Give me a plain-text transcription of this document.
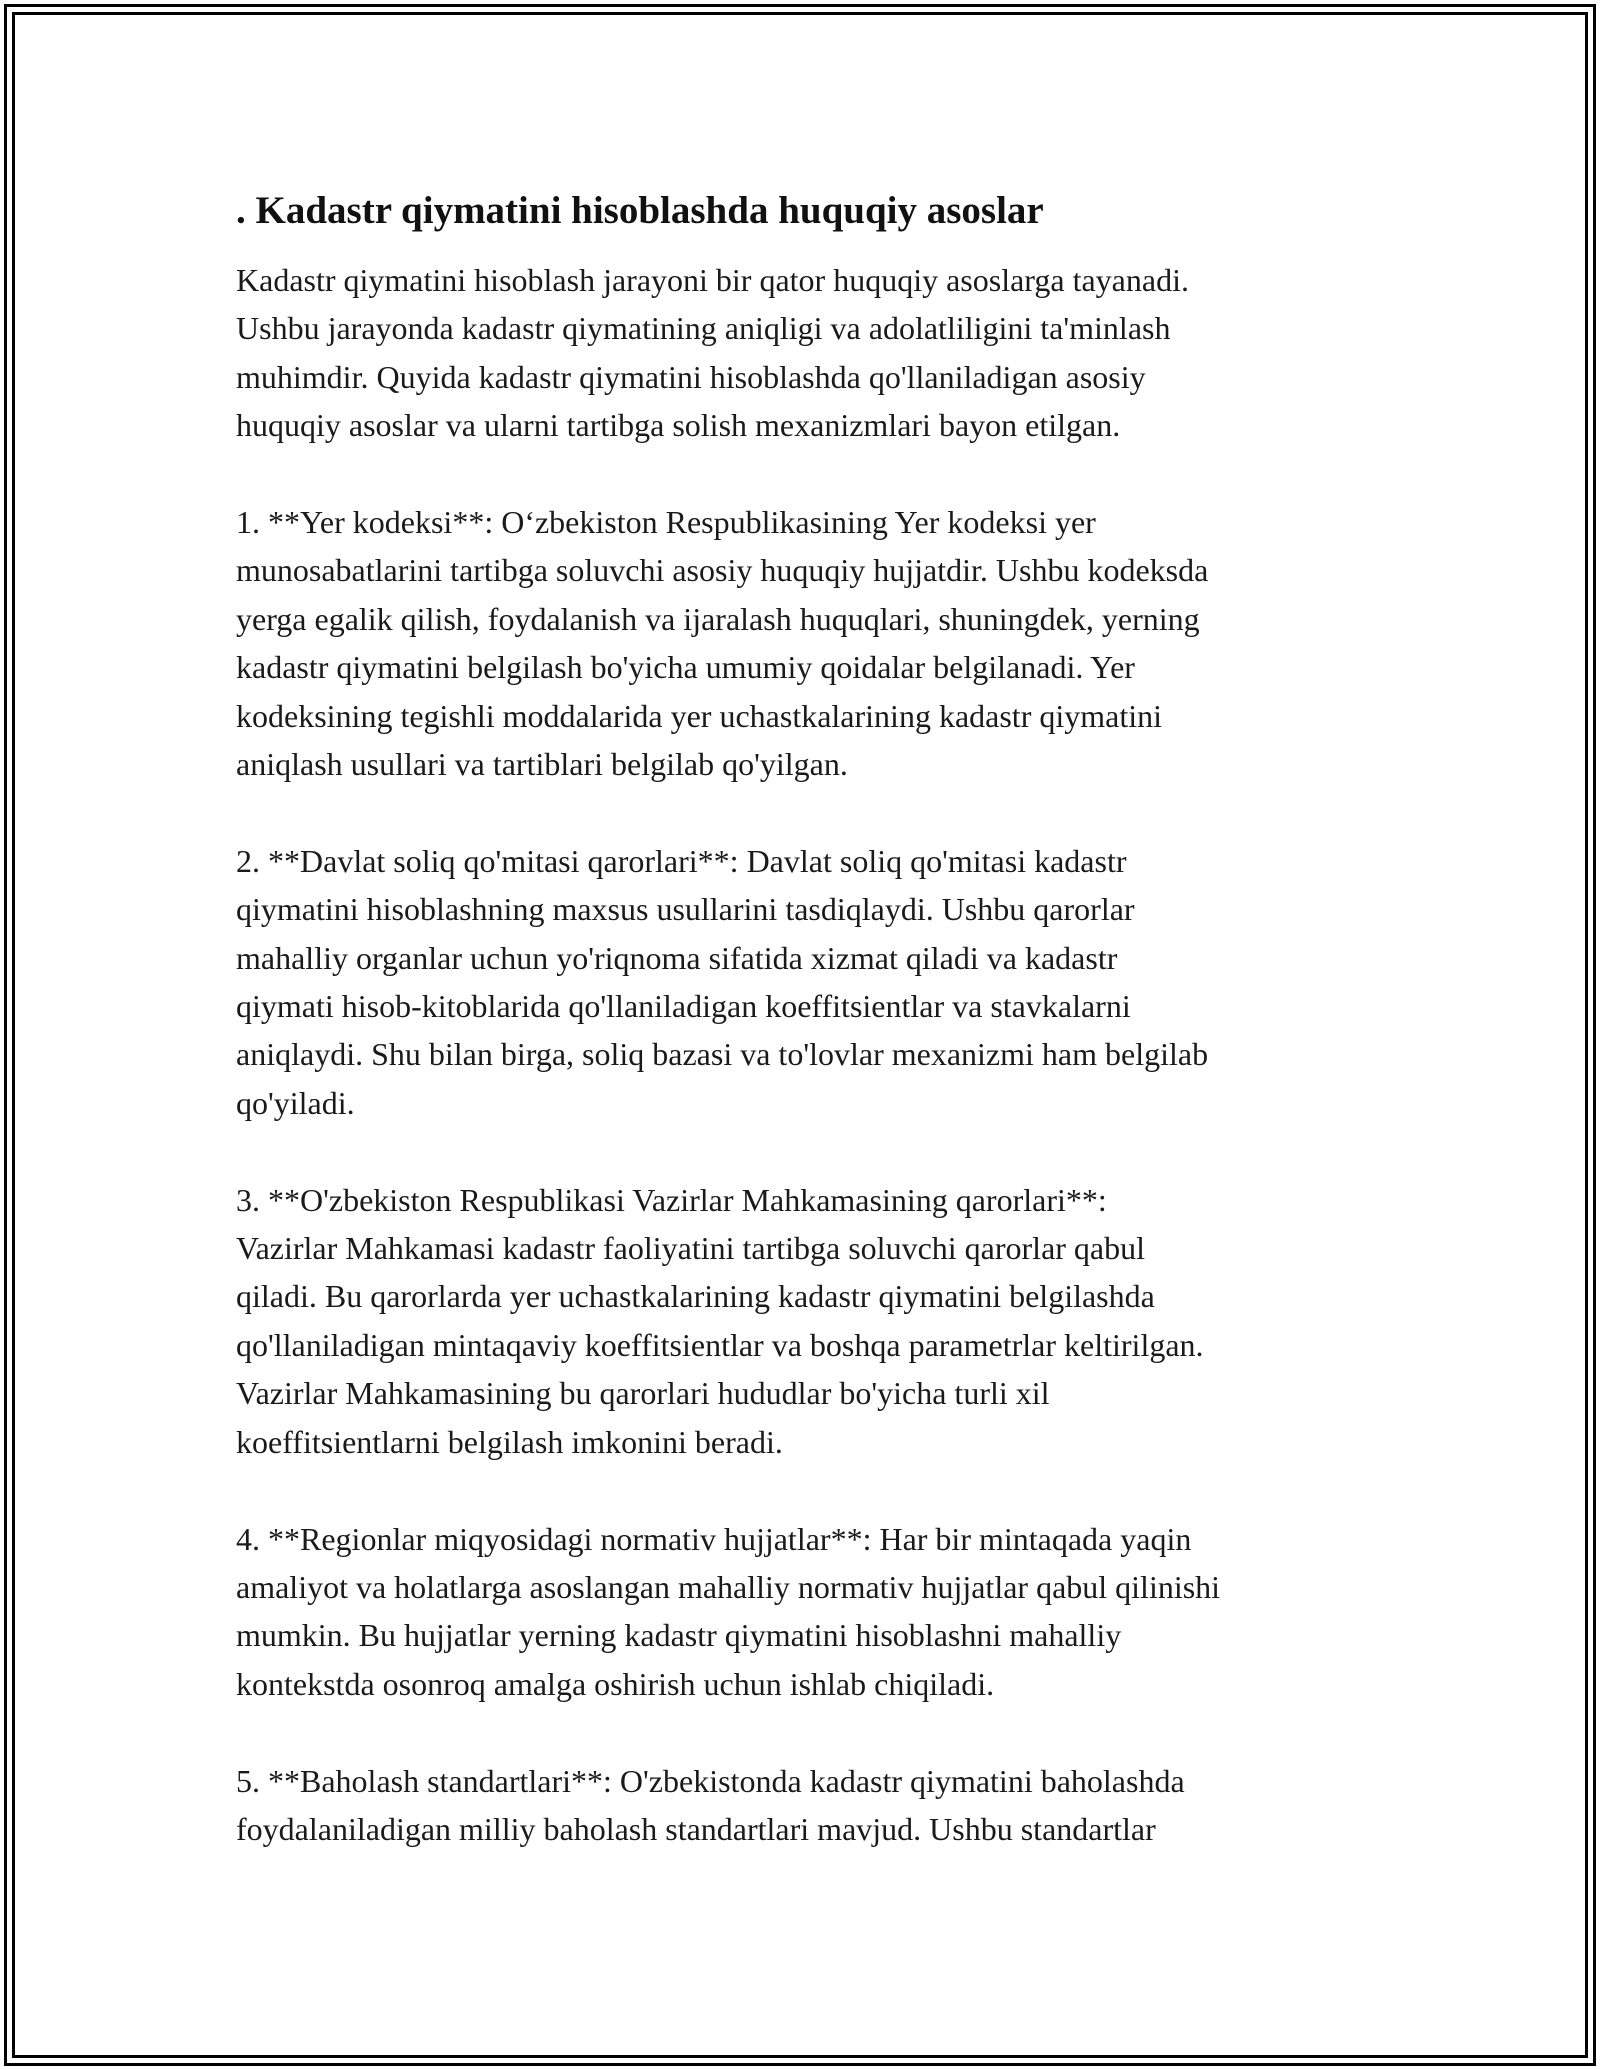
. Kadastr qiymatini hisoblashda huquqiy asoslar

Kadastr qiymatini hisoblash jarayoni bir qator huquqiy asoslarga tayanadi.
Ushbu jarayonda kadastr qiymatining aniqligi va adolatliligini ta'minlash
muhimdir. Quyida kadastr qiymatini hisoblashda qo'llaniladigan asosiy
huquqiy asoslar va ularni tartibga solish mexanizmlari bayon etilgan.

1. **Yer kodeksi**: O‘zbekiston Respublikasining Yer kodeksi yer
munosabatlarini tartibga soluvchi asosiy huquqiy hujjatdir. Ushbu kodeksda
yerga egalik qilish, foydalanish va ijaralash huquqlari, shuningdek, yerning
kadastr qiymatini belgilash bo'yicha umumiy qoidalar belgilanadi. Yer
kodeksining tegishli moddalarida yer uchastkalarining kadastr qiymatini
aniqlash usullari va tartiblari belgilab qo'yilgan.

2. **Davlat soliq qo'mitasi qarorlari**: Davlat soliq qo'mitasi kadastr
qiymatini hisoblashning maxsus usullarini tasdiqlaydi. Ushbu qarorlar
mahalliy organlar uchun yo'riqnoma sifatida xizmat qiladi va kadastr
qiymati hisob-kitoblarida qo'llaniladigan koeffitsientlar va stavkalarni
aniqlaydi. Shu bilan birga, soliq bazasi va to'lovlar mexanizmi ham belgilab
qo'yiladi.

3. **O'zbekiston Respublikasi Vazirlar Mahkamasining qarorlari**:
Vazirlar Mahkamasi kadastr faoliyatini tartibga soluvchi qarorlar qabul
qiladi. Bu qarorlarda yer uchastkalarining kadastr qiymatini belgilashda
qo'llaniladigan mintaqaviy koeffitsientlar va boshqa parametrlar keltirilgan.
Vazirlar Mahkamasining bu qarorlari hududlar bo'yicha turli xil
koeffitsientlarni belgilash imkonini beradi.

4. **Regionlar miqyosidagi normativ hujjatlar**: Har bir mintaqada yaqin
amaliyot va holatlarga asoslangan mahalliy normativ hujjatlar qabul qilinishi
mumkin. Bu hujjatlar yerning kadastr qiymatini hisoblashni mahalliy
kontekstda osonroq amalga oshirish uchun ishlab chiqiladi.

5. **Baholash standartlari**: O'zbekistonda kadastr qiymatini baholashda
foydalaniladigan milliy baholash standartlari mavjud. Ushbu standartlar
